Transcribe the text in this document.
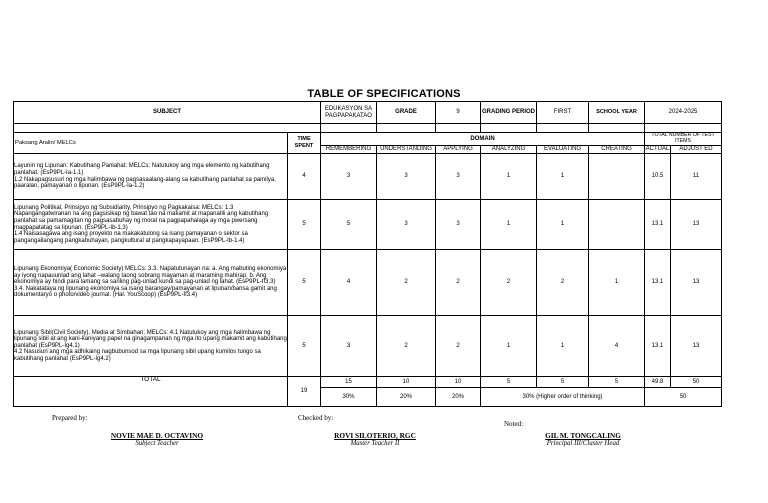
TABLE OF SPECIFICATIONS
SUBJECT		EDUKASYON SA PAGPAPAKATAO	GRADE	9	GRADING PERIOD	FIRST	SCHOOL YEAR	2024-2025	

Paksang Aralin/ MELCs	TIME SPENT	DOMAIN						TOTAL NUMBER OF TEST ITEMS	
		REMEMBERING	UNDERSTANDING	APPLYING	ANALYZING	EVALUATING	CREATING	ACTUAL	ADJUST ED
Layunin ng Lipunan: Kabutihang Panlahat: MELCs: Natutukoy ang mga elemento ng kabutihang panlahat. (EsP9PL-Ia-1.1)
1.2 Nakapagsusuri ng mga halimbawa ng pagsasaalang-alang sa kabutihang panlahat sa pamilya, paaralan, pamayanan o lipunan. (EsP9PL-Ia-1.2)	4	3	3	3	1	1		10.5	11
Lipunang Politikal, Prinsipyo ng Subsidiarity, Prinsipyo ng Pagkakaisa: MELCs: 1.3 Napangangatwiranan na ang pagsisikap ng bawat tao na makamit at mapanatili ang kabutihang panlahat sa pamamagitan ng pagsasabuhay ng moral na pagpapahalaga ay mga pwersang magpapatatag sa lipunan. (EsP9PL-Ib-1.3)
1.4 Naisasagawa ang isang proyekto na makakatulong sa isang pamayanan o sektor sa pangangailangang pangkabuhayan, pangkultural at pangkapayapaan. (EsP9PL-Ib-1.4)	5	5	3	3	1	1		13.1	13
Lipunang Ekonomiya( Economic Society) MELCs: 3.3. Napatutunayan na: a. Ang mabuting ekonomiya ay iyong napauunlad ang lahat –walang taong sobrang mayaman at maraming mahirap. b. Ang ekonomiya ay hindi para lamang sa sariling pag-unlad kundi sa pag-unlad ng lahat. (EsP9PL-If3.3)
3.4. Nakatataya ng lipunang ekonomiya sa isang barangay/pamayanan at lipunan/bansa gamit ang dokumentaryo o photo/video journal. (Hal. YouScoop) (EsP9PL-If3.4)	5	4	2	2	2	2	1	13.1	13
Lipunang Sibil(Civil Society), Media at Simbahan: MELCs: 4.1 Natutukoy ang mga halimbawa ng lipunang sibil at ang kani-kaniyang papel na ginagampanan ng mga ito upang makamit ang kabutihang panlahat (EsP9PL-Ig4.1)
4.2 Nasusuri ang mga adhikaing nagbubunsod sa mga lipunang sibil upang kumilos tungo sa kabutihang panlahat (EsP9PL-Ig4.2)	5	3	2	2	1	1	4	13.1	13
TOTAL	19	15	10	10	5	5	5	49.8	50
		30%	20%	20%	30% (Higher order of thinking)			50	
Prepared by:
NOVIE MAE D. OCTAVINO
Subject Teacher
Checked by:
ROVI SILOTERIO, RGC
Master Teacher II
Noted:
GIL M. TONGCALING
Principal III/Cluster Head
